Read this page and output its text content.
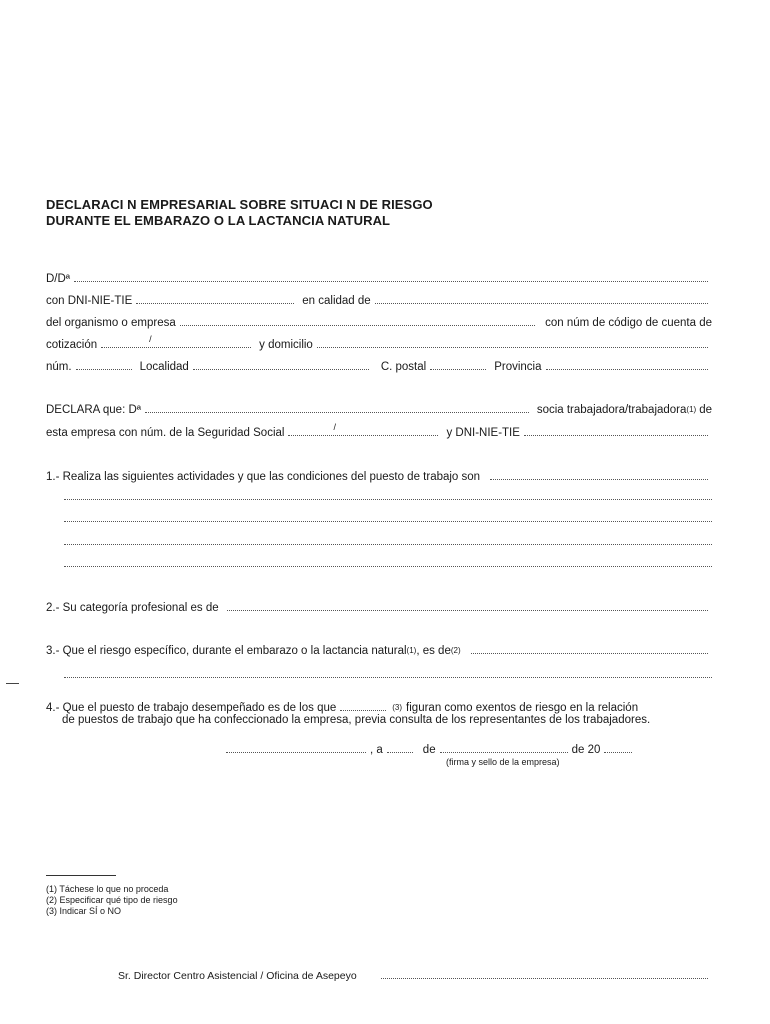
DECLARACI N EMPRESARIAL SOBRE SITUACI N DE RIESGO
DURANTE EL EMBARAZO O LA LACTANCIA NATURAL
D/Dª
con DNI-NIE-TIE	en calidad de
del organismo o empresa	con núm de código de cuenta de
cotización	/	y domicilio
núm.	Localidad	C. postal	Provincia
DECLARA que: Dª	socia trabajadora/trabajadora (1) de
esta empresa con núm. de la Seguridad Social	/	y DNI-NIE-TIE
1.- Realiza las siguientes actividades y que las condiciones del puesto de trabajo son
2.- Su categoría profesional es de
3.- Que el riesgo específico, durante el embarazo o la lactancia natural (1) , es de (2)
4.- Que el puesto de trabajo desempeñado es de los que	(3) figuran como exentos de riesgo en la relación
de puestos de trabajo que ha confeccionado la empresa, previa consulta de los representantes de los trabajadores.
, a	de	de 20
(firma y sello de la empresa)
(1) Táchese lo que no proceda
(2) Especificar qué tipo de riesgo
(3) Indicar SÍ o NO
Sr. Director Centro Asistencial / Oficina de Asepeyo
